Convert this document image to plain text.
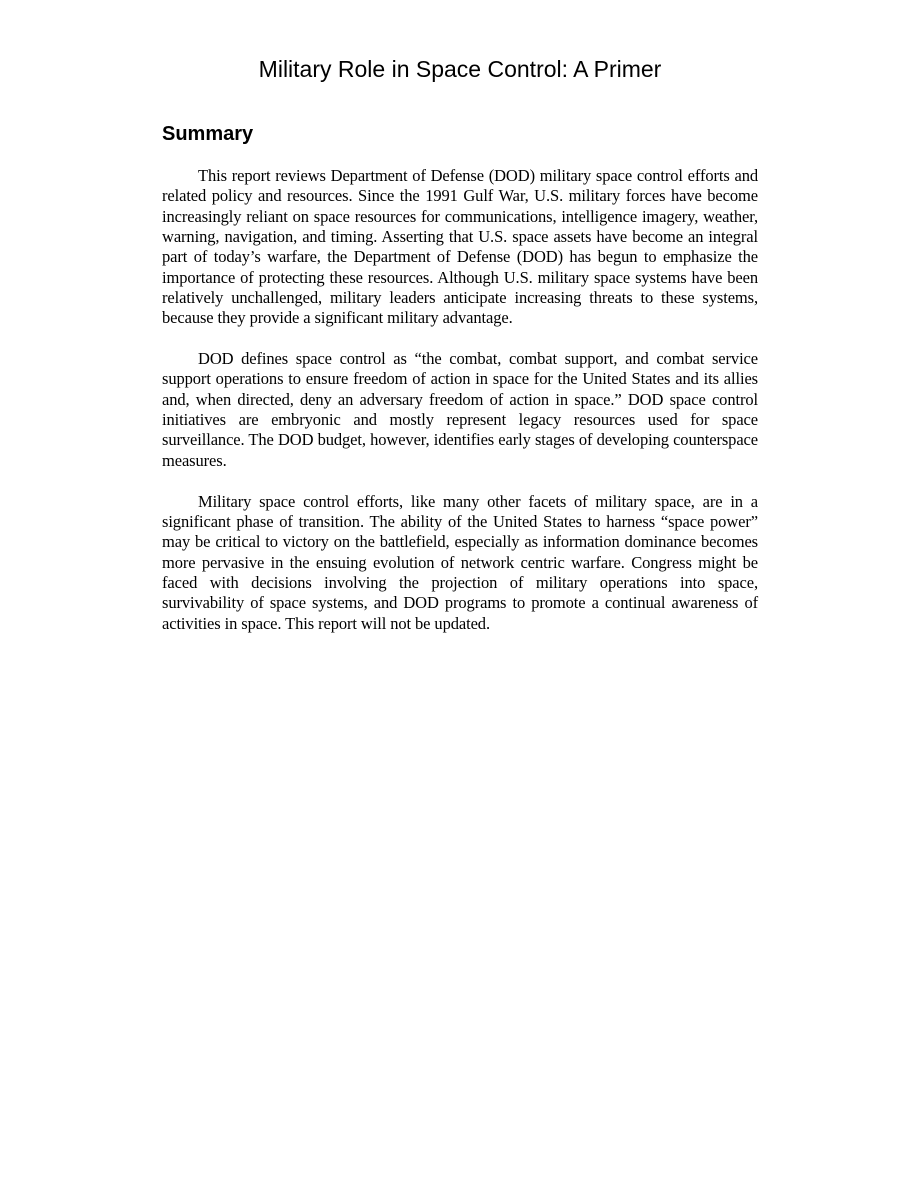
Military Role in Space Control: A Primer
Summary

This report reviews Department of Defense (DOD) military space control efforts and related policy and resources. Since the 1991 Gulf War, U.S. military forces have become increasingly reliant on space resources for communications, intelligence imagery, weather, warning, navigation, and timing. Asserting that U.S. space assets have become an integral part of today’s warfare, the Department of Defense (DOD) has begun to emphasize the importance of protecting these resources. Although U.S. military space systems have been relatively unchallenged, military leaders anticipate increasing threats to these systems, because they provide a significant military advantage.

DOD defines space control as “the combat, combat support, and combat service support operations to ensure freedom of action in space for the United States and its allies and, when directed, deny an adversary freedom of action in space.” DOD space control initiatives are embryonic and mostly represent legacy resources used for space surveillance. The DOD budget, however, identifies early stages of developing counterspace measures.

Military space control efforts, like many other facets of military space, are in a significant phase of transition. The ability of the United States to harness “space power” may be critical to victory on the battlefield, especially as information dominance becomes more pervasive in the ensuing evolution of network centric warfare. Congress might be faced with decisions involving the projection of military operations into space, survivability of space systems, and DOD programs to promote a continual awareness of activities in space. This report will not be updated.
